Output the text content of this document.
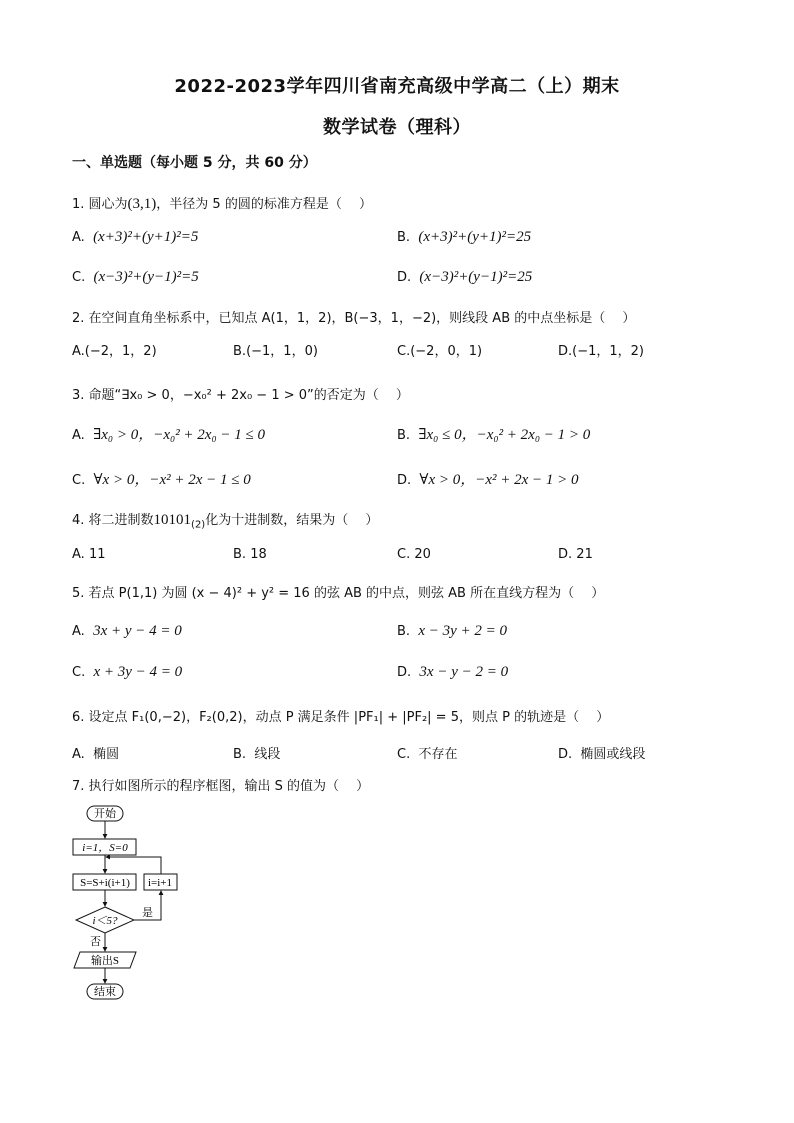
2022-2023学年四川省南充高级中学高二（上）期末
数学试卷（理科）
一、单选题（每小题 5 分，共 60 分）
1. 圆心为(3,1)，半径为 5 的圆的标准方程是（　 ）
A. (x+3)²+(y+1)²=5	B. (x+3)²+(y+1)²=25
C. (x−3)²+(y−1)²=5	D. (x−3)²+(y−1)²=25
2. 在空间直角坐标系中，已知点 A(1，1，2)，B(−3，1，−2)，则线段 AB 的中点坐标是（　 ）
A.(−2，1，2)	B.(−1，1，0)	C.(−2，0，1)	D.(−1，1，2)
3. 命题“∃x₀ > 0，−x₀² + 2x₀ − 1 > 0”的否定为（　 ）
A. ∃x₀ > 0，−x₀² + 2x₀ − 1 ≤ 0	B. ∃x₀ ≤ 0，−x₀² + 2x₀ − 1 > 0
C. ∀x > 0，−x² + 2x − 1 ≤ 0	D. ∀x > 0，−x² + 2x − 1 > 0
4. 将二进制数$10101_{(2)}$化为十进制数，结果为（　 ）
A. 11	B. 18	C. 20	D. 21
5. 若点 P(1,1) 为圆 (x − 4)² + y² = 16 的弦 AB 的中点，则弦 AB 所在直线方程为（　 ）
A. 3x + y − 4 = 0	B. x − 3y + 2 = 0
C. x + 3y − 4 = 0	D. 3x − y − 2 = 0
6. 设定点 F₁(0,−2)，F₂(0,2)，动点 P 满足条件 |PF₁| + |PF₂| = 5，则点 P 的轨迹是（　 ）
A. 椭圆	B. 线段	C. 不存在	D. 椭圆或线段
7. 执行如图所示的程序框图，输出 S 的值为（　 ）
开始
i=1，S=0
S=S+i(i+1) i=i+1
i＜5?
是
否
输出S
结束
